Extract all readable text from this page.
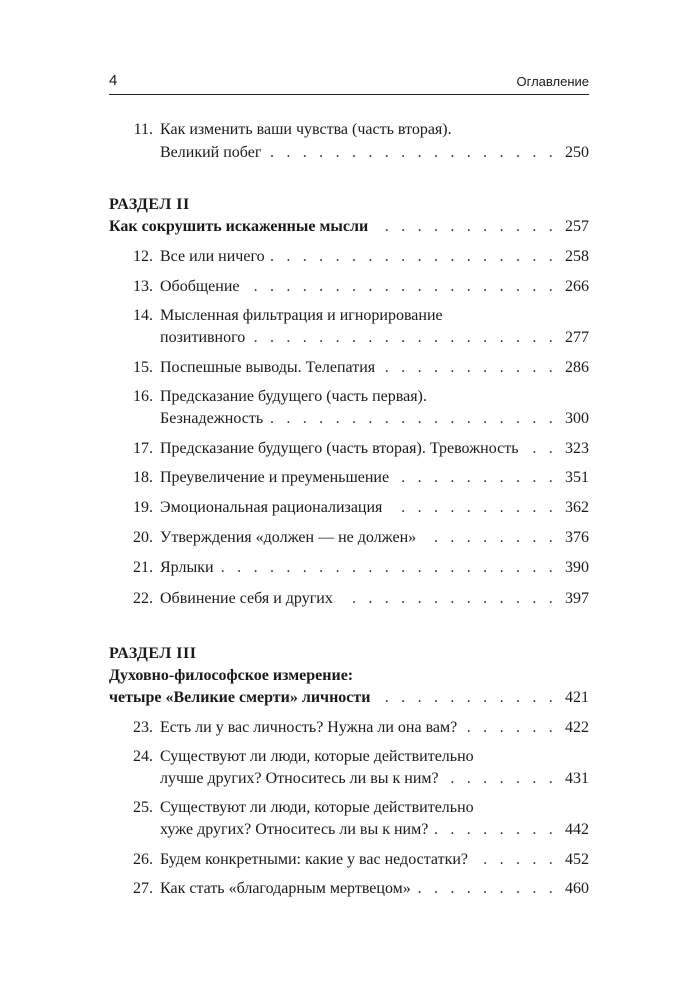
4	Оглавление
11. Как изменить ваши чувства (часть вторая).
Великий побег . . .	250
РАЗДЕЛ II
Как сокрушить искаженные мысли . . .	257
12. Все или ничего . . .	258
13. Обобщение . . .	266
14. Мысленная фильтрация и игнорирование
позитивного . . .	277
15. Поспешные выводы. Телепатия . . .	286
16. Предсказание будущего (часть первая).
Безнадежность . . .	300
17. Предсказание будущего (часть вторая). Тревожность . . .	323
18. Преувеличение и преуменьшение . . .	351
19. Эмоциональная рационализация . . .	362
20. Утверждения «должен — не должен» . . .	376
21. Ярлыки . . .	390
22. Обвинение себя и других . . .	397
РАЗДЕЛ III
Духовно-философское измерение:
четыре «Великие смерти» личности . . .	421
23. Есть ли у вас личность? Нужна ли она вам? . . .	422
24. Существуют ли люди, которые действительно
лучше других? Относитесь ли вы к ним? . . .	431
25. Существуют ли люди, которые действительно
хуже других? Относитесь ли вы к ним? . . .	442
26. Будем конкретными: какие у вас недостатки? . . .	452
27. Как стать «благодарным мертвецом» . . .	460
